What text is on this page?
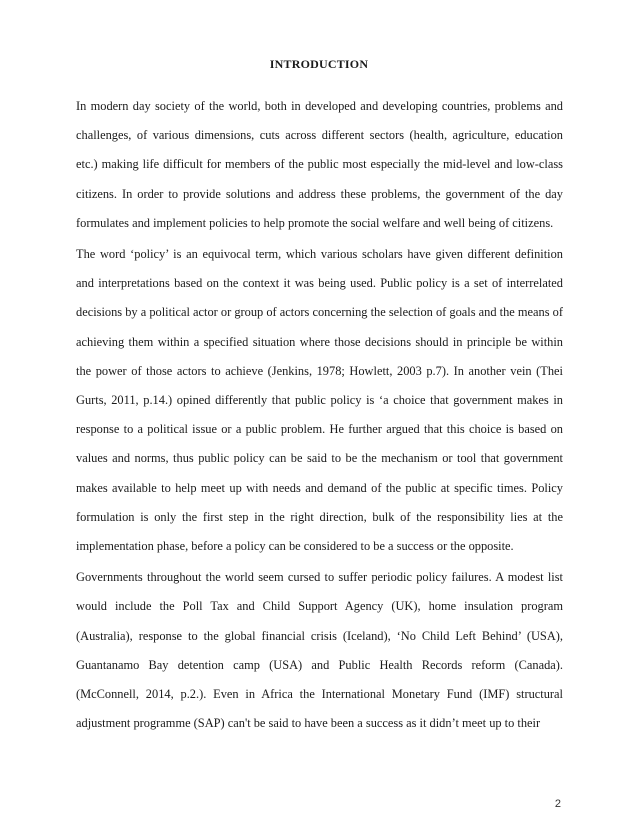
INTRODUCTION

In modern day society of the world, both in developed and developing countries, problems and challenges, of various dimensions, cuts across different sectors (health, agriculture, education etc.) making life difficult for members of the public most especially the mid-level and low-class citizens. In order to provide solutions and address these problems, the government of the day formulates and implement policies to help promote the social welfare and well being of citizens.

The word ‘policy’ is an equivocal term, which various scholars have given different definition and interpretations based on the context it was being used. Public policy is a set of interrelated decisions by a political actor or group of actors concerning the selection of goals and the means of achieving them within a specified situation where those decisions should in principle be within the power of those actors to achieve (Jenkins, 1978; Howlett, 2003 p.7). In another vein (Thei Gurts, 2011, p.14.) opined differently that public policy is ‘a choice that government makes in response to a political issue or a public problem. He further argued that this choice is based on values and norms, thus public policy can be said to be the mechanism or tool that government makes available to help meet up with needs and demand of the public at specific times. Policy formulation is only the first step in the right direction, bulk of the responsibility lies at the implementation phase, before a policy can be considered to be a success or the opposite.

Governments throughout the world seem cursed to suffer periodic policy failures. A modest list would include the Poll Tax and Child Support Agency (UK), home insulation program (Australia), response to the global financial crisis (Iceland), ‘No Child Left Behind’ (USA), Guantanamo Bay detention camp (USA) and Public Health Records reform (Canada). (McConnell, 2014, p.2.). Even in Africa the International Monetary Fund (IMF) structural adjustment programme (SAP) can't be said to have been a success as it didn’t meet up to their

2
